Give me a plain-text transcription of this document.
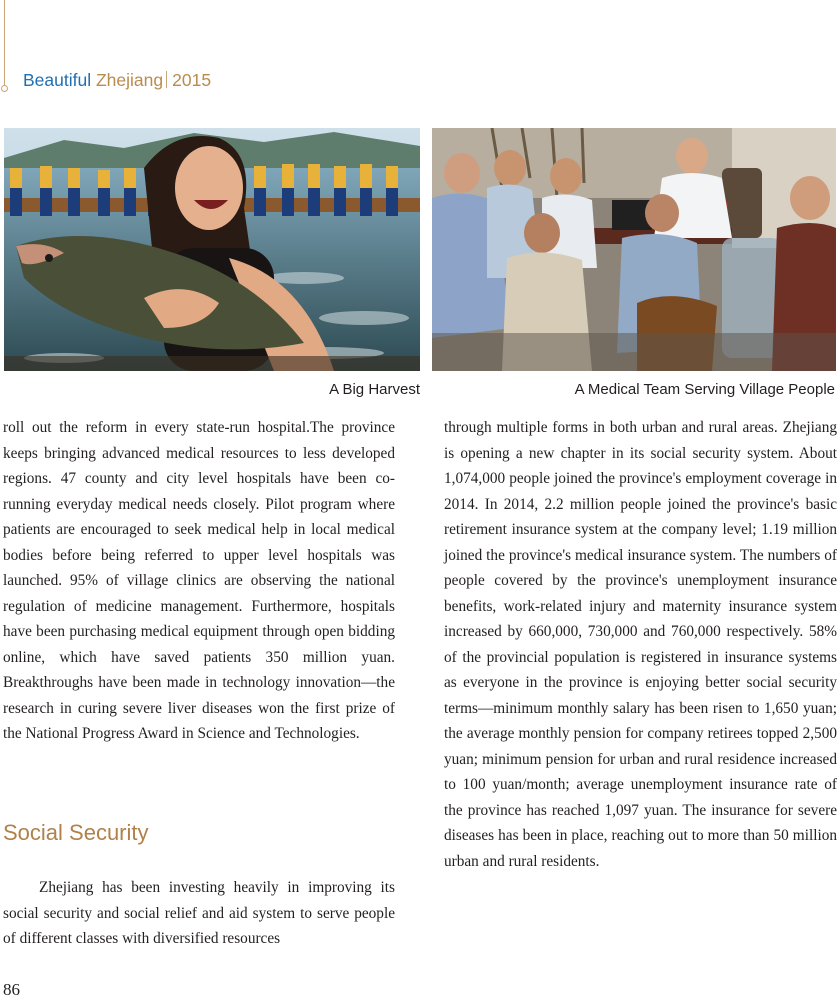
Beautiful Zhejiang 2015
A Big Harvest	A Medical Team Serving Village People

roll out the reform in every state-run hospital.The province keeps bringing advanced medical resources to less developed regions. 47 county and city level hospitals have been co-running everyday medical needs closely. Pilot program where patients are encouraged to seek medical help in local medical bodies before being referred to upper level hospitals was launched. 95% of village clinics are observing the national regulation of medicine management. Furthermore, hospitals have been purchasing medical equipment through open bidding online, which have saved patients 350 million yuan. Breakthroughs have been made in technology innovation—the research in curing severe liver diseases won the first prize of the National Progress Award in Science and Technologies.

Social Security

Zhejiang has been investing heavily in improving its social security and social relief and aid system to serve people of different classes with diversified resources

through multiple forms in both urban and rural areas. Zhejiang is opening a new chapter in its social security system. About 1,074,000 people joined the province's employment coverage in 2014. In 2014, 2.2 million people joined the province's basic retirement insurance system at the company level; 1.19 million joined the province's medical insurance system. The numbers of people covered by the province's unemployment insurance benefits, work-related injury and maternity insurance system increased by 660,000, 730,000 and 760,000 respectively. 58% of the provincial population is registered in insurance systems as everyone in the province is enjoying better social security terms—minimum monthly salary has been risen to 1,650 yuan; the average monthly pension for company retirees topped 2,500 yuan; minimum pension for urban and rural residence increased to 100 yuan/month; average unemployment insurance rate of the province has reached 1,097 yuan. The insurance for severe diseases has been in place, reaching out to more than 50 million urban and rural residents.

86
